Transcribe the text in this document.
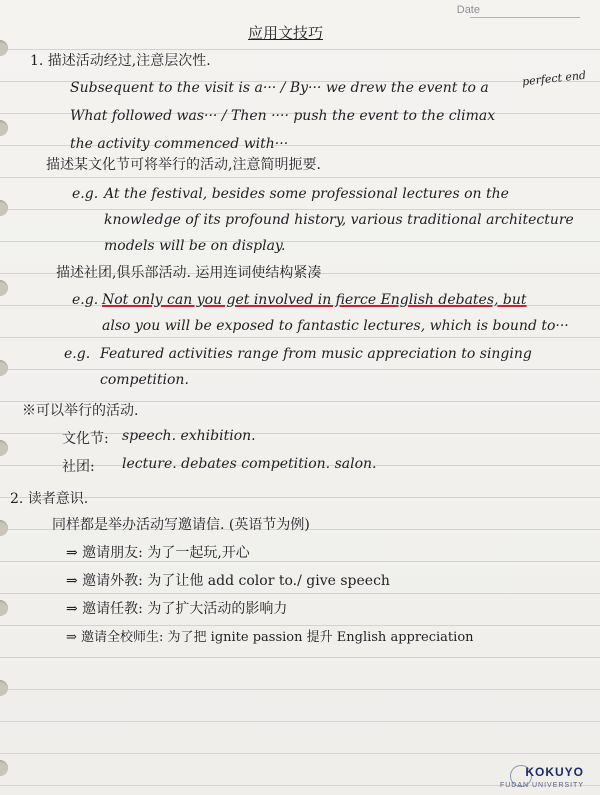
Date
应用文技巧
1. 描述活动经过,注意层次性.
Subsequent to the visit is a··· / By··· we drew the event to a	perfect end
What followed was··· / Then ···· push the event to the climax
the activity commenced with···
描述某文化节可将举行的活动,注意简明扼要.
e.g. At the festival, besides some professional lectures on the
knowledge of its profound history, various traditional architecture
models will be on display.
描述社团,俱乐部活动. 运用连词使结构紧凑
e.g. Not only can you get involved in fierce English debates, but
also you will be exposed to fantastic lectures, which is bound to···
e.g. Featured activities range from music appreciation to singing
competition.
※可以举行的活动.
文化节: speech. exhibition.
社团: lecture. debates competition. salon.
2. 读者意识.
同样都是举办活动写邀请信. (英语节为例)
⇒ 邀请朋友: 为了一起玩,开心
⇒ 邀请外教: 为了让他 add color to./ give speech
⇒ 邀请任教: 为了扩大活动的影响力
⇒ 邀请全校师生: 为了把 ignite passion 提升 English appreciation
KOKUYO
FUDAN UNIVERSITY
